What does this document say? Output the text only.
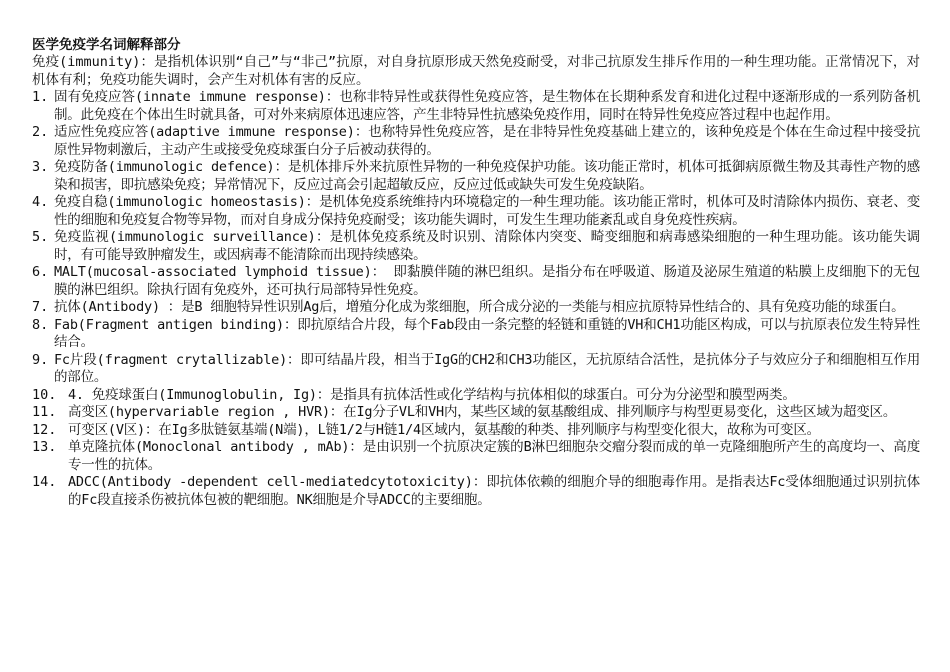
医学免疫学名词解释部分

免疫(immunity)：是指机体识别“自己”与“非己”抗原，对自身抗原形成天然免疫耐受，对非己抗原发生排斥作用的一种生理功能。正常情况下，对机体有利；免疫功能失调时，会产生对机体有害的反应。

1. 固有免疫应答(innate immune response)：也称非特异性或获得性免疫应答，是生物体在长期种系发育和进化过程中逐渐形成的一系列防备机制。此免疫在个体出生时就具备，可对外来病原体迅速应答，产生非特异性抗感染免疫作用，同时在特异性免疫应答过程中也起作用。
2. 适应性免疫应答(adaptive immune response)：也称特异性免疫应答，是在非特异性免疫基础上建立的，该种免疫是个体在生命过程中接受抗原性异物刺激后，主动产生或接受免疫球蛋白分子后被动获得的。
3. 免疫防备(immunologic defence)：是机体排斥外来抗原性异物的一种免疫保护功能。该功能正常时，机体可抵御病原微生物及其毒性产物的感染和损害，即抗感染免疫；异常情况下，反应过高会引起超敏反应，反应过低或缺失可发生免疫缺陷。
4. 免疫自稳(immunologic homeostasis)：是机体免疫系统维持内环境稳定的一种生理功能。该功能正常时，机体可及时清除体内损伤、衰老、变性的细胞和免疫复合物等异物，而对自身成分保持免疫耐受；该功能失调时，可发生生理功能紊乱或自身免疫性疾病。
5. 免疫监视(immunologic surveillance)：是机体免疫系统及时识别、清除体内突变、畸变细胞和病毒感染细胞的一种生理功能。该功能失调时，有可能导致肿瘤发生，或因病毒不能清除而出现持续感染。
6. MALT(mucosal-associated lymphoid tissue)： 即黏膜伴随的淋巴组织。是指分布在呼吸道、肠道及泌尿生殖道的粘膜上皮细胞下的无包膜的淋巴组织。除执行固有免疫外，还可执行局部特异性免疫。
7. 抗体(Antibody) ：是B 细胞特异性识别Ag后，增殖分化成为浆细胞，所合成分泌的一类能与相应抗原特异性结合的、具有免疫功能的球蛋白。
8. Fab(Fragment antigen binding)：即抗原结合片段，每个Fab段由一条完整的轻链和重链的VH和CH1功能区构成，可以与抗原表位发生特异性结合。
9. Fc片段(fragment crytallizable)：即可结晶片段，相当于IgG的CH2和CH3功能区，无抗原结合活性，是抗体分子与效应分子和细胞相互作用的部位。
10. 4. 免疫球蛋白(Immunoglobulin, Ig)：是指具有抗体活性或化学结构与抗体相似的球蛋白。可分为分泌型和膜型两类。
11. 高变区(hypervariable region , HVR)：在Ig分子VL和VH内，某些区域的氨基酸组成、排列顺序与构型更易变化，这些区域为超变区。
12. 可变区(V区)：在Ig多肽链氨基端(N端)，L链1/2与H链1/4区域内，氨基酸的种类、排列顺序与构型变化很大，故称为可变区。
13. 单克隆抗体(Monoclonal antibody , mAb)：是由识别一个抗原决定簇的B淋巴细胞杂交瘤分裂而成的单一克隆细胞所产生的高度均一、高度专一性的抗体。
14. ADCC(Antibody -dependent cell-mediatedcytotoxicity)：即抗体依赖的细胞介导的细胞毒作用。是指表达Fc受体细胞通过识别抗体的Fc段直接杀伤被抗体包被的靶细胞。NK细胞是介导ADCC的主要细胞。
